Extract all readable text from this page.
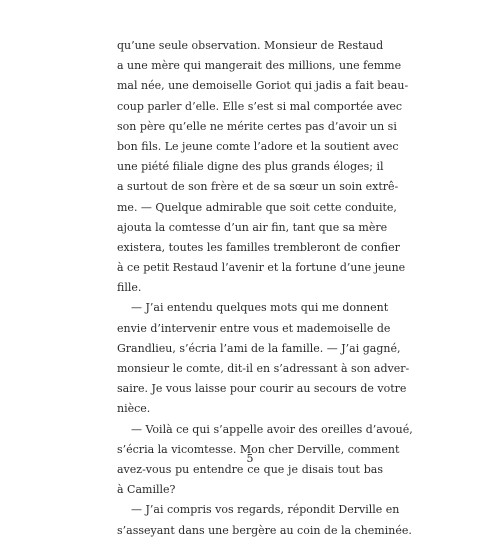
qu’une seule observation. Monsieur de Restaud
a une mère qui mangerait des millions, une femme
mal née, une demoiselle Goriot qui jadis a fait beau-
coup parler d’elle. Elle s’est si mal comportée avec
son père qu’elle ne mérite certes pas d’avoir un si
bon fils. Le jeune comte l’adore et la soutient avec
une piété filiale digne des plus grands éloges; il
a surtout de son frère et de sa sœur un soin extrê-
me. — Quelque admirable que soit cette conduite,
ajouta la comtesse d’un air fin, tant que sa mère
existera, toutes les familles trembleront de confier
à ce petit Restaud l’avenir et la fortune d’une jeune
fille.
— J’ai entendu quelques mots qui me donnent
envie d’intervenir entre vous et mademoiselle de
Grandlieu, s’écria l’ami de la famille. — J’ai gagné,
monsieur le comte, dit-il en s’adressant à son adver-
saire. Je vous laisse pour courir au secours de votre
nièce.
— Voilà ce qui s’appelle avoir des oreilles d’avoué,
s’écria la vicomtesse. Mon cher Derville, comment
avez-vous pu entendre ce que je disais tout bas
à Camille?
— J’ai compris vos regards, répondit Derville en
s’asseyant dans une bergère au coin de la cheminée.
5
